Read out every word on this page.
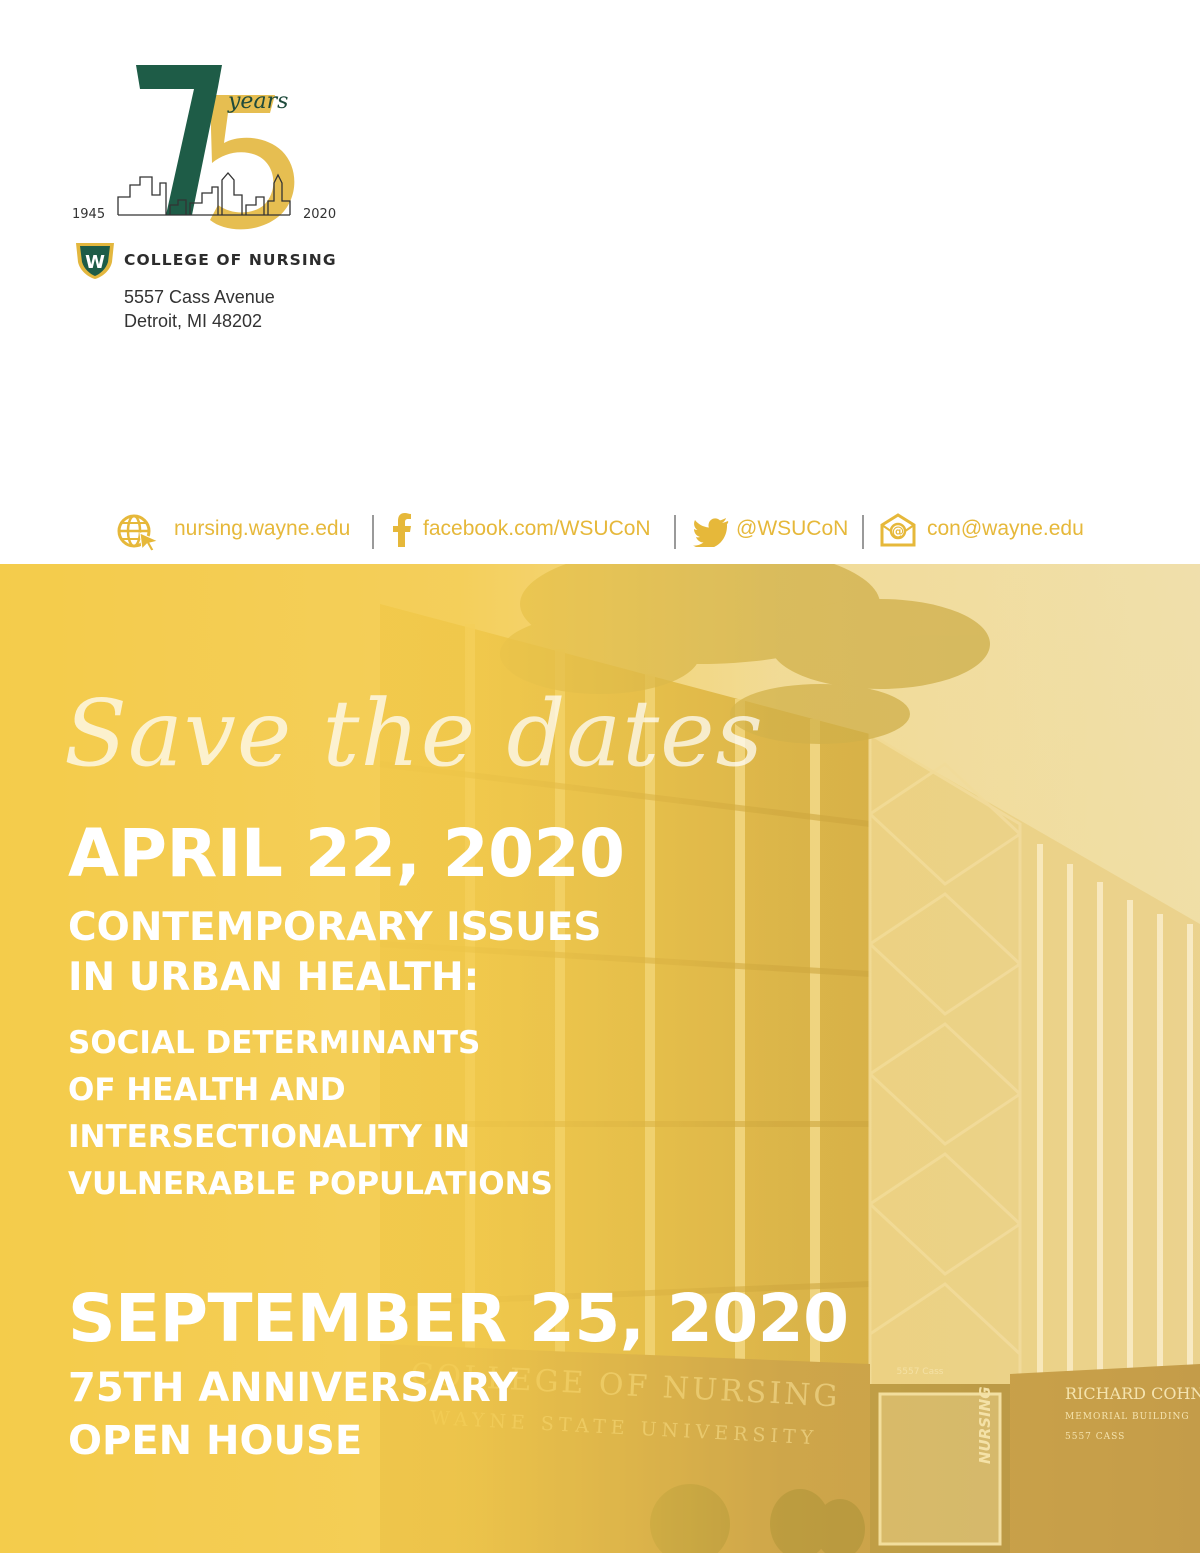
years
1945	2020
W COLLEGE OF NURSING
5557 Cass Avenue
Detroit, MI 48202
nursing.wayne.edu	facebook.com/WSUCoN	@WSUCoN	@ con@wayne.edu
Save the dates
APRIL 22, 2020
CONTEMPORARY ISSUES
IN URBAN HEALTH:
SOCIAL DETERMINANTS
OF HEALTH AND
INTERSECTIONALITY IN
VULNERABLE POPULATIONS
SEPTEMBER 25, 2020
75TH ANNIVERSARY
OPEN HOUSE
